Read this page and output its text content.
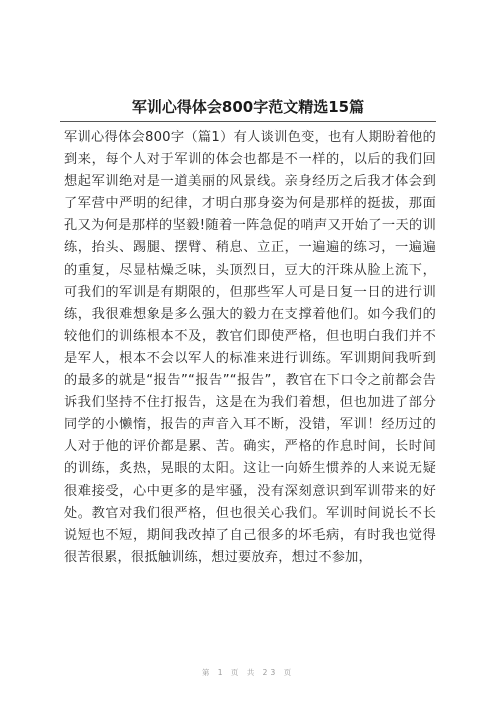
军训心得体会800字范文精选15篇
军训心得体会800字（篇1）有人谈训色变，也有人期盼着他的到来，每个人对于军训的体会也都是不一样的，以后的我们回想起军训绝对是一道美丽的风景线。亲身经历之后我才体会到了军营中严明的纪律，才明白那身姿为何是那样的挺拔，那面孔又为何是那样的坚毅!随着一阵急促的哨声又开始了一天的训练，抬头、踢腿、摆臂、稍息、立正，一遍遍的练习，一遍遍的重复，尽显枯燥乏味，头顶烈日，豆大的汗珠从脸上流下，可我们的军训是有期限的，但那些军人可是日复一日的进行训练，我很难想象是多么强大的毅力在支撑着他们。如今我们的较他们的训练根本不及，教官们即使严格，但也明白我们并不是军人，根本不会以军人的标准来进行训练。军训期间我听到的最多的就是“报告”“报告”“报告”，教官在下口令之前都会告诉我们坚持不住打报告，这是在为我们着想，但也加进了部分同学的小懒惰，报告的声音入耳不断，没错，军训！经历过的人对于他的评价都是累、苦。确实，严格的作息时间，长时间的训练，炙热，晃眼的太阳。这让一向娇生惯养的人来说无疑很难接受，心中更多的是牢骚，没有深刻意识到军训带来的好处。教官对我们很严格，但也很关心我们。军训时间说长不长说短也不短，期间我改掉了自己很多的坏毛病，有时我也觉得很苦很累，很抵触训练，想过要放弃，想过不参加，
第 1 页 共 23 页
